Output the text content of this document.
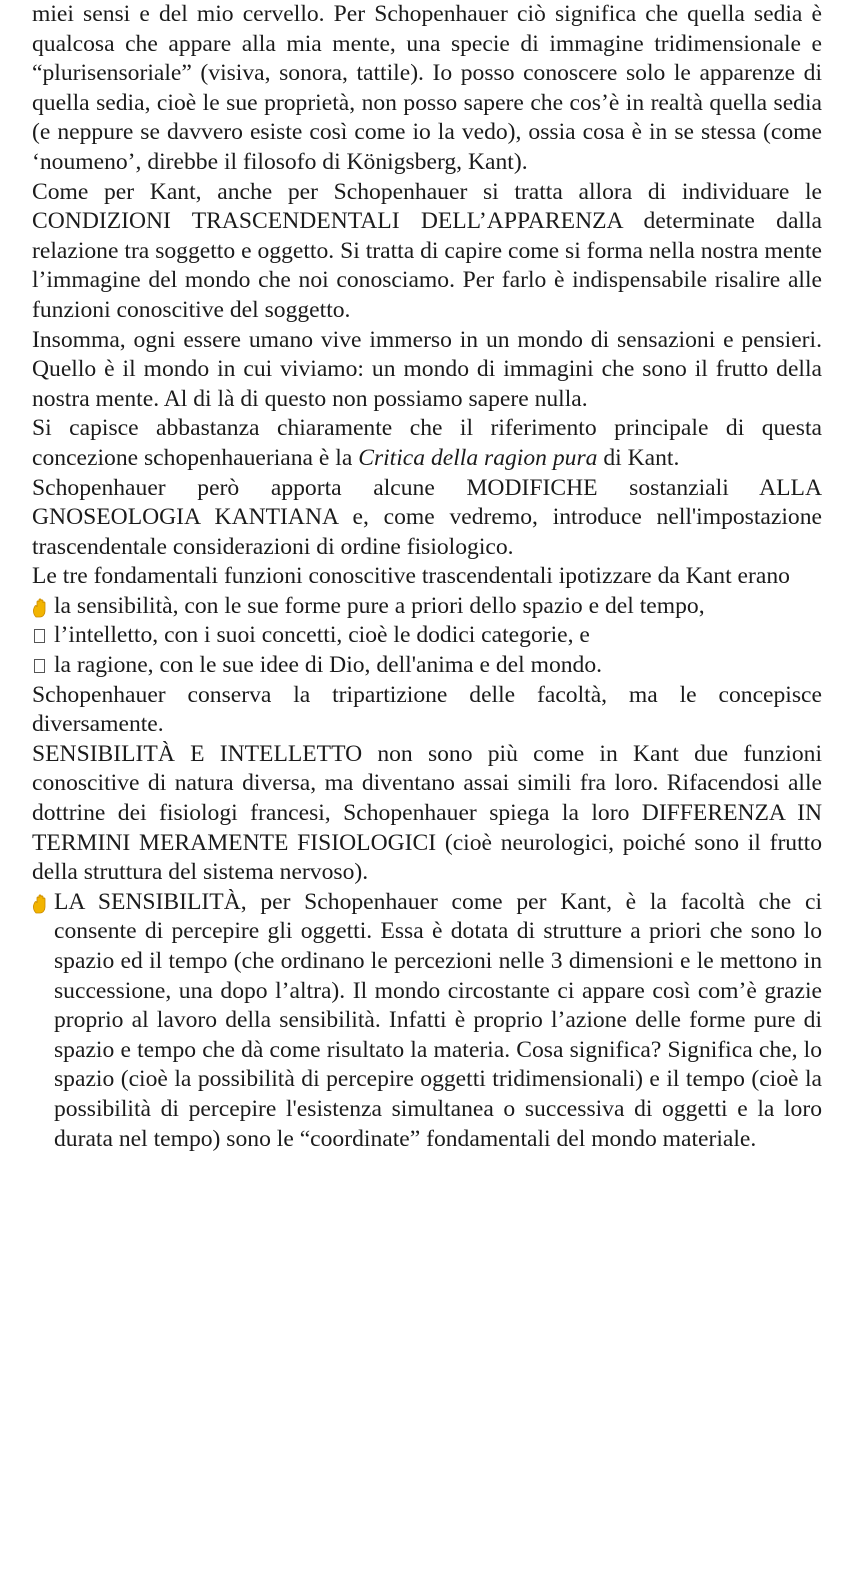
miei sensi e del mio cervello. Per Schopenhauer ciò significa che quella sedia è qualcosa che appare alla mia mente, una specie di immagine tridimensionale e “plurisensoriale” (visiva, sonora, tattile). Io posso conoscere solo le apparenze di quella sedia, cioè le sue proprietà, non posso sapere che cos’è in realtà quella sedia (e neppure se davvero esiste così come io la vedo), ossia cosa è in se stessa (come ‘noumeno’, direbbe il filosofo di Königsberg, Kant).

Come per Kant, anche per Schopenhauer si tratta allora di individuare le CONDIZIONI TRASCENDENTALI DELL’APPARENZA determinate dalla relazione tra soggetto e oggetto. Si tratta di capire come si forma nella nostra mente l’immagine del mondo che noi conosciamo. Per farlo è indispensabile risalire alle funzioni conoscitive del soggetto.

Insomma, ogni essere umano vive immerso in un mondo di sensazioni e pensieri. Quello è il mondo in cui viviamo: un mondo di immagini che sono il frutto della nostra mente. Al di là di questo non possiamo sapere nulla.

Si capisce abbastanza chiaramente che il riferimento principale di questa concezione schopenhaueriana è la Critica della ragion pura di Kant.

Schopenhauer però apporta alcune MODIFICHE sostanziali ALLA GNOSEOLOGIA KANTIANA e, come vedremo, introduce nell'impostazione trascendentale considerazioni di ordine fisiologico.

Le tre fondamentali funzioni conoscitive trascendentali ipotizzare da Kant erano

la sensibilità, con le sue forme pure a priori dello spazio e del tempo,
l’intelletto, con i suoi concetti, cioè le dodici categorie, e
la ragione, con le sue idee di Dio, dell'anima e del mondo.

Schopenhauer conserva la tripartizione delle facoltà, ma le concepisce diversamente.

SENSIBILITÀ E INTELLETTO non sono più come in Kant due funzioni conoscitive di natura diversa, ma diventano assai simili fra loro. Rifacendosi alle dottrine dei fisiologi francesi, Schopenhauer spiega la loro DIFFERENZA IN TERMINI MERAMENTE FISIOLOGICI (cioè neurologici, poiché sono il frutto della struttura del sistema nervoso).

LA SENSIBILITÀ, per Schopenhauer come per Kant, è la facoltà che ci consente di percepire gli oggetti. Essa è dotata di strutture a priori che sono lo spazio ed il tempo (che ordinano le percezioni nelle 3 dimensioni e le mettono in successione, una dopo l’altra). Il mondo circostante ci appare così com’è grazie proprio al lavoro della sensibilità. Infatti è proprio l’azione delle forme pure di spazio e tempo che dà come risultato la materia. Cosa significa? Significa che, lo spazio (cioè la possibilità di percepire oggetti tridimensionali) e il tempo (cioè la possibilità di percepire l'esistenza simultanea o successiva di oggetti e la loro durata nel tempo) sono le “coordinate” fondamentali del mondo materiale.
